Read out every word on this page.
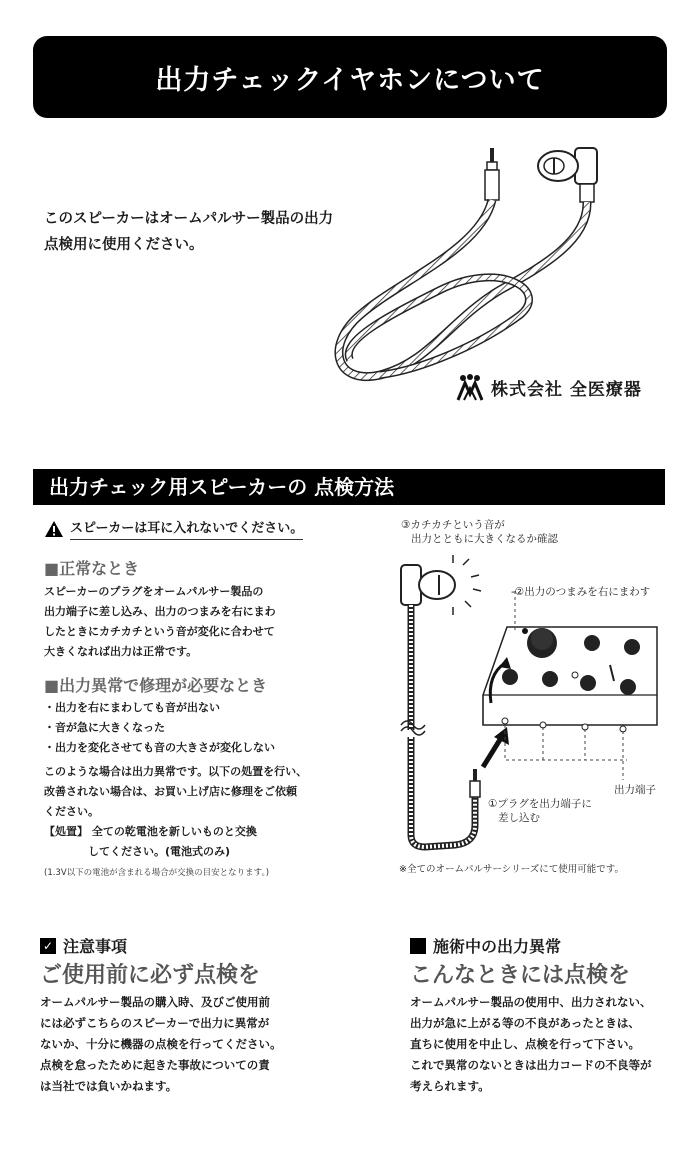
出力チェックイヤホンについて
このスピーカーはオームパルサー製品の出力
点検用に使用ください。
株式会社 全医療器
出力チェック用スピーカーの 点検方法
スピーカーは耳に入れないでください。
■正常なとき
スピーカーのプラグをオームパルサー製品の
出力端子に差し込み、出力のつまみを右にまわ
したときにカチカチという音が変化に合わせて
大きくなれば出力は正常です。
■出力異常で修理が必要なとき
・出力を右にまわしても音が出ない
・音が急に大きくなった
・出力を変化させても音の大きさが変化しない
このような場合は出力異常です。以下の処置を行い、
改善されない場合は、お買い上げ店に修理をご依頼
ください。
【処置】 全ての乾電池を新しいものと交換
してください。(電池式のみ)
(1.3V以下の電池が含まれる場合が交換の目安となります。)
③カチカチという音が
出力とともに大きくなるか確認
-②出力のつまみを右にまわす
出力端子
①プラグを出力端子に
差し込む
※全てのオームパルサーシリーズにて使用可能です。
✓ 注意事項
ご使用前に必ず点検を
オームパルサー製品の購入時、及びご使用前
には必ずこちらのスピーカーで出力に異常が
ないか、十分に機器の点検を行ってください。
点検を怠ったために起きた事故についての責
は当社では負いかねます。
施術中の出力異常
こんなときには点検を
オームパルサー製品の使用中、出力されない、
出力が急に上がる等の不良があったときは、
直ちに使用を中止し、点検を行って下さい。
これで異常のないときは出力コードの不良等が
考えられます。
